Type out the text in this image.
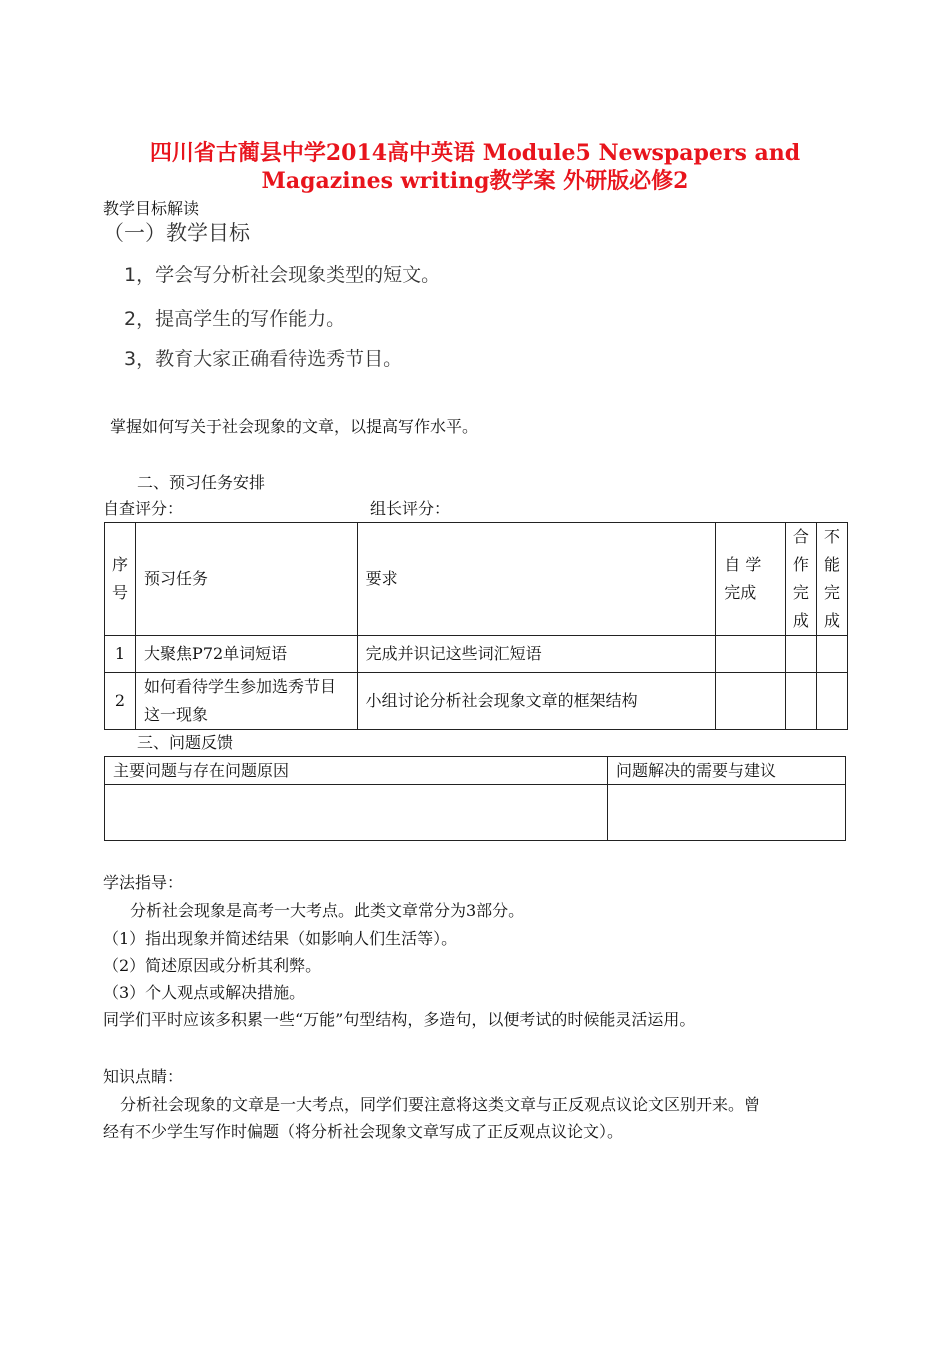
四川省古蔺县中学2014高中英语 Module5 Newspapers and
Magazines writing教学案 外研版必修2
教学目标解读
（一）教学目标
1，学会写分析社会现象类型的短文。
2，提高学生的写作能力。
3，教育大家正确看待选秀节目。
掌握如何写关于社会现象的文章，以提高写作水平。
二、预习任务安排
自查评分：	组长评分：
序号	预习任务	要求	自 学完成	合作完成	不能完成
1	大聚焦P72单词短语	完成并识记这些词汇短语			
2	如何看待学生参加选秀节目这一现象	小组讨论分析社会现象文章的框架结构			
三、问题反馈
主要问题与存在问题原因	问题解决的需要与建议

学法指导：
分析社会现象是高考一大考点。此类文章常分为3部分。
（1）指出现象并简述结果（如影响人们生活等）。
（2）简述原因或分析其利弊。
（3）个人观点或解决措施。
同学们平时应该多积累一些“万能”句型结构，多造句，以便考试的时候能灵活运用。
知识点睛：
分析社会现象的文章是一大考点，同学们要注意将这类文章与正反观点议论文区别开来。曾
经有不少学生写作时偏题（将分析社会现象文章写成了正反观点议论文）。
